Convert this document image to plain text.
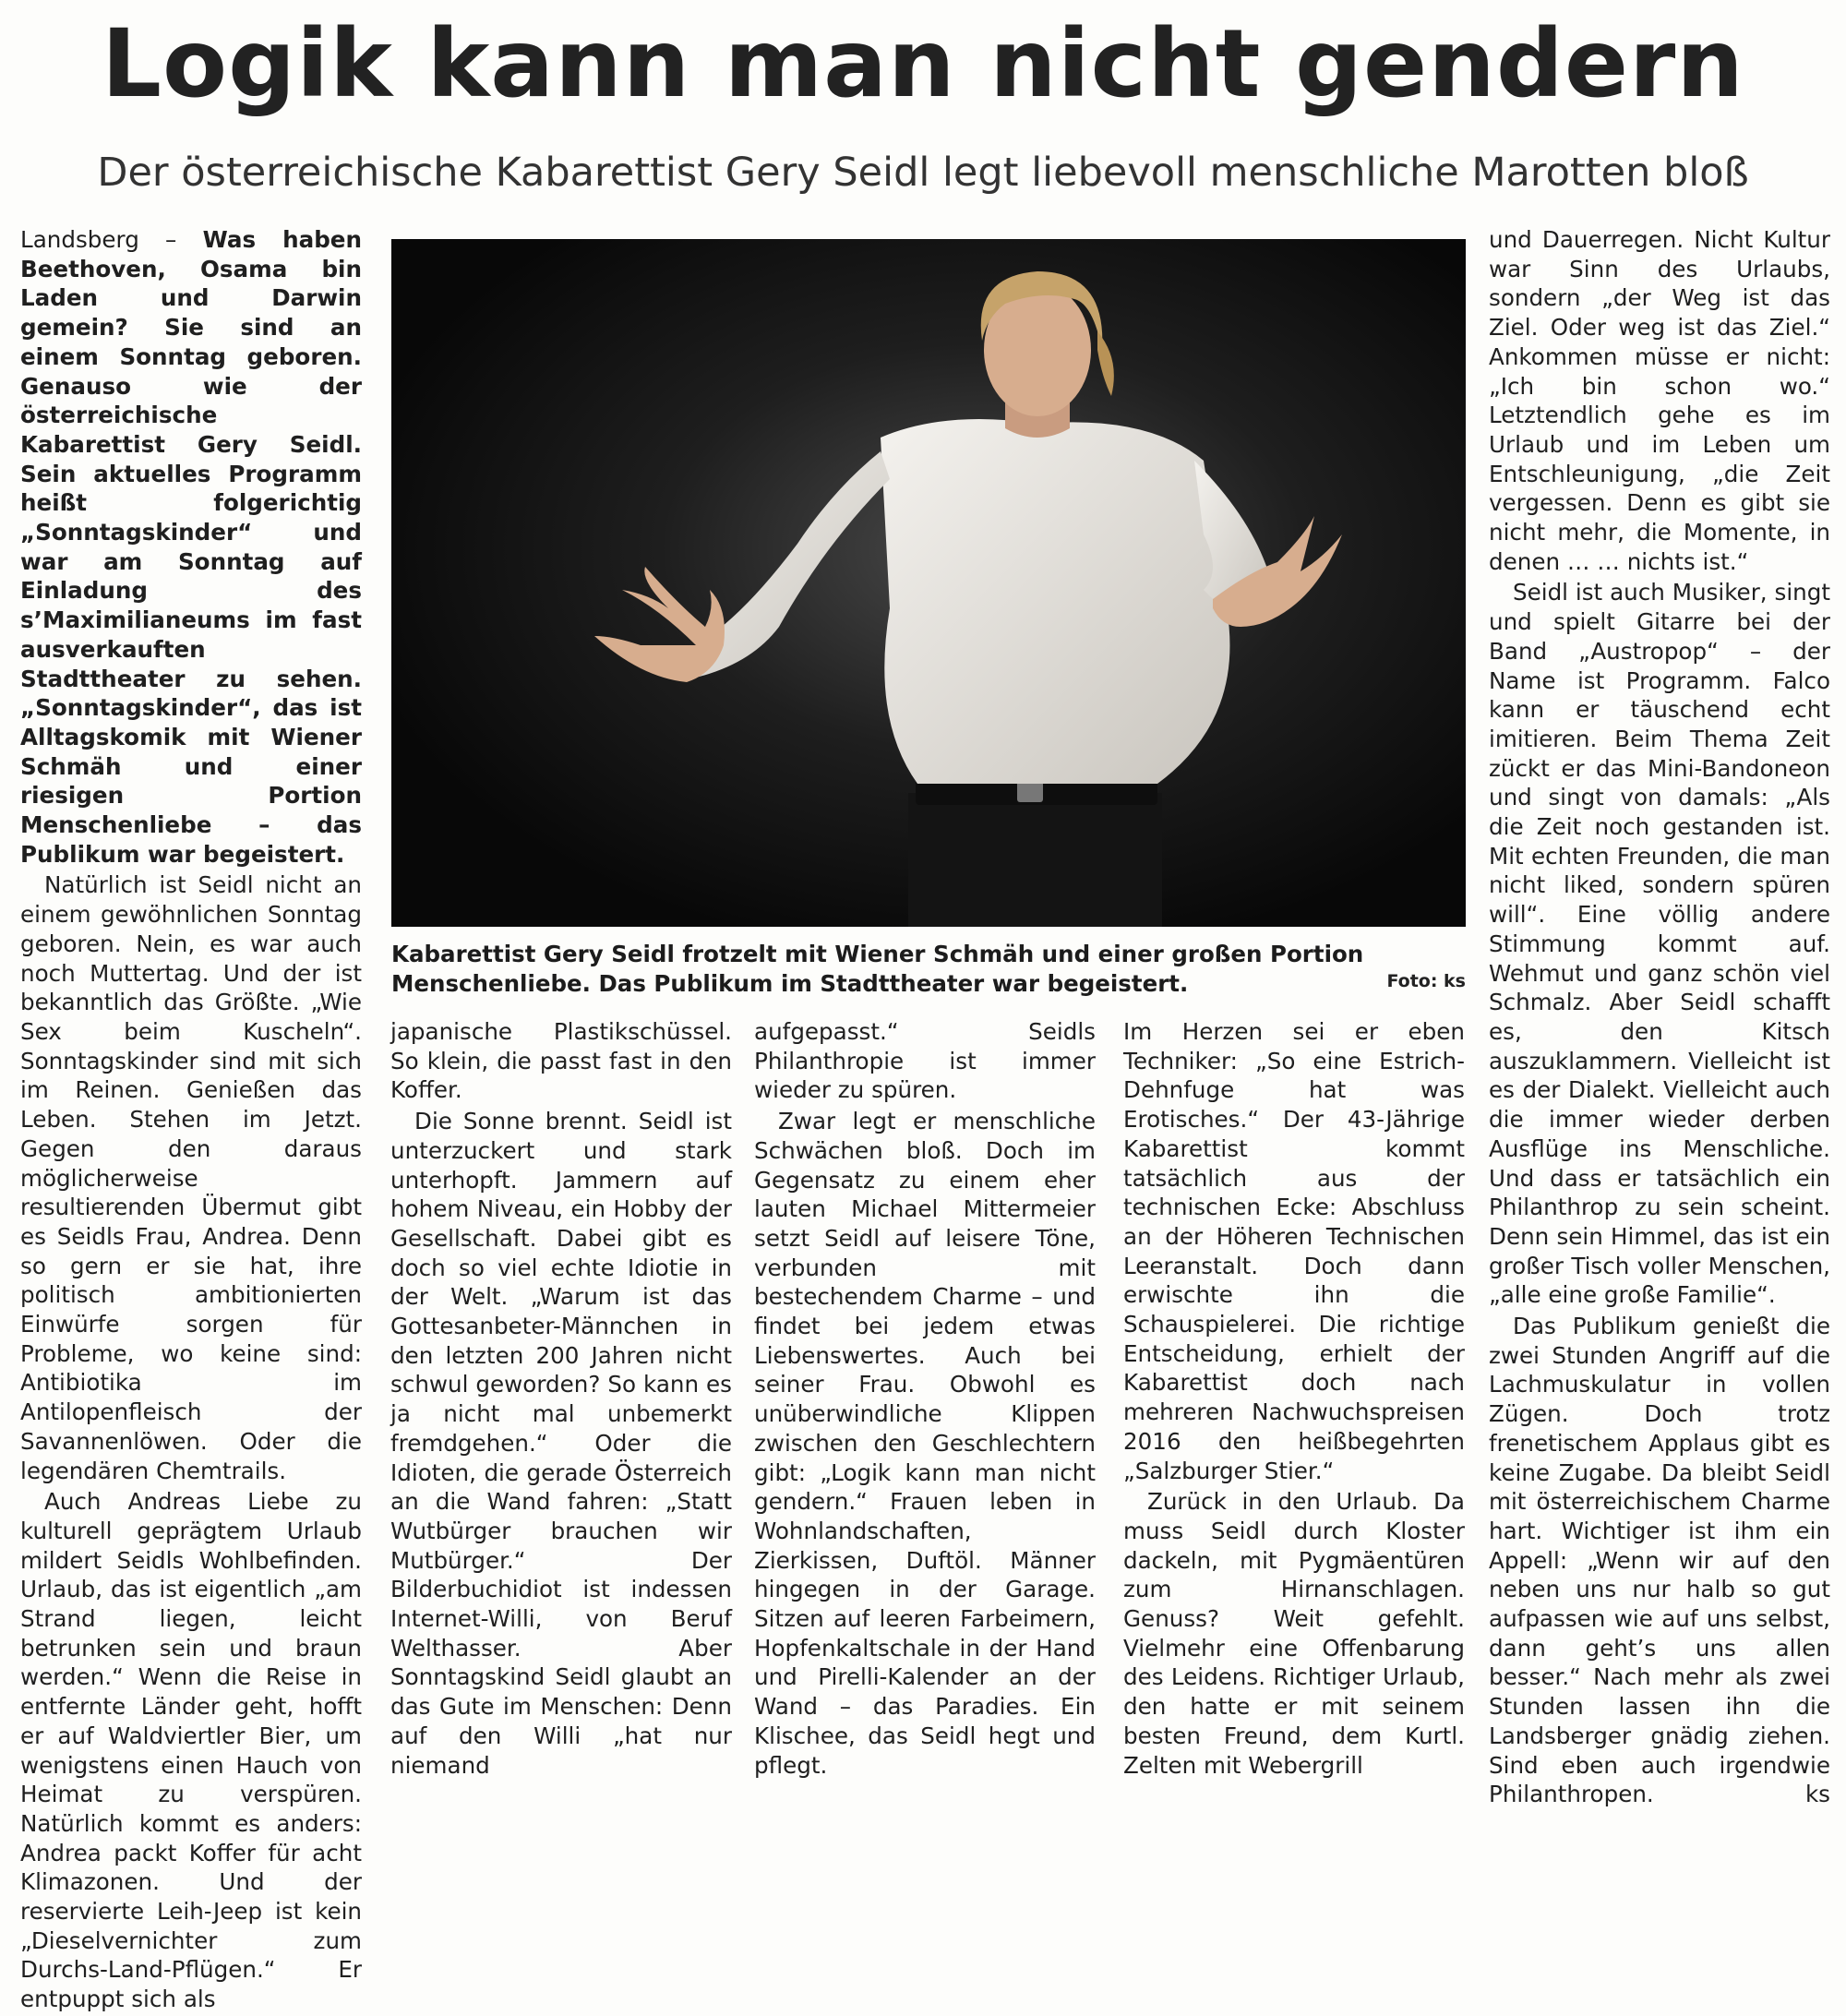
Logik kann man nicht gendern
Der österreichische Kabarettist Gery Seidl legt liebevoll menschliche Marotten bloß

Landsberg – Was haben Beethoven, Osama bin Laden und Darwin gemein? Sie sind an einem Sonntag geboren. Genauso wie der österreichische Kabarettist Gery Seidl. Sein aktuelles Programm heißt folgerichtig „Sonntagskinder“ und war am Sonntag auf Einladung des s’Maximilianeums im fast ausverkauften Stadttheater zu sehen. „Sonntagskinder“, das ist Alltagskomik mit Wiener Schmäh und einer riesigen Portion Menschenliebe – das Publikum war begeistert.

Natürlich ist Seidl nicht an einem gewöhnlichen Sonntag geboren. Nein, es war auch noch Muttertag. Und der ist bekanntlich das Größte. „Wie Sex beim Kuscheln“. Sonntagskinder sind mit sich im Reinen. Genießen das Leben. Stehen im Jetzt. Gegen den daraus möglicherweise resultierenden Übermut gibt es Seidls Frau, Andrea. Denn so gern er sie hat, ihre politisch ambitionierten Einwürfe sorgen für Probleme, wo keine sind: Antibiotika im Antilopenfleisch der Savannenlöwen. Oder die legendären Chemtrails.

Auch Andreas Liebe zu kulturell geprägtem Urlaub mildert Seidls Wohlbefinden. Urlaub, das ist eigentlich „am Strand liegen, leicht betrunken sein und braun werden.“ Wenn die Reise in entfernte Länder geht, hofft er auf Waldviertler Bier, um wenigstens einen Hauch von Heimat zu verspüren. Natürlich kommt es anders: Andrea packt Koffer für acht Klimazonen. Und der reservierte Leih-Jeep ist kein „Dieselvernichter zum Durchs-Land-Pflügen.“ Er entpuppt sich als

Kabarettist Gery Seidl frotzelt mit Wiener Schmäh und einer großen Portion Menschenliebe. Das Publikum im Stadttheater war begeistert.	Foto: ks

japanische Plastikschüssel. So klein, die passt fast in den Koffer.

Die Sonne brennt. Seidl ist unterzuckert und stark unterhopft. Jammern auf hohem Niveau, ein Hobby der Gesellschaft. Dabei gibt es doch so viel echte Idiotie in der Welt. „Warum ist das Gottesanbeter-Männchen in den letzten 200 Jahren nicht schwul geworden? So kann es ja nicht mal unbemerkt fremdgehen.“ Oder die Idioten, die gerade Österreich an die Wand fahren: „Statt Wutbürger brauchen wir Mutbürger.“ Der Bilderbuchidiot ist indessen Internet-Willi, von Beruf Welthasser. Aber Sonntagskind Seidl glaubt an das Gute im Menschen: Denn auf den Willi „hat nur niemand

aufgepasst.“ Seidls Philanthropie ist immer wieder zu spüren.

Zwar legt er menschliche Schwächen bloß. Doch im Gegensatz zu einem eher lauten Michael Mittermeier setzt Seidl auf leisere Töne, verbunden mit bestechendem Charme – und findet bei jedem etwas Liebenswertes. Auch bei seiner Frau. Obwohl es unüberwindliche Klippen zwischen den Geschlechtern gibt: „Logik kann man nicht gendern.“ Frauen leben in Wohnlandschaften, Zierkissen, Duftöl. Männer hingegen in der Garage. Sitzen auf leeren Farbeimern, Hopfenkaltschale in der Hand und Pirelli-Kalender an der Wand – das Paradies. Ein Klischee, das Seidl hegt und pflegt.

Im Herzen sei er eben Techniker: „So eine Estrich-Dehnfuge hat was Erotisches.“ Der 43-Jährige Kabarettist kommt tatsächlich aus der technischen Ecke: Abschluss an der Höheren Technischen Leeranstalt. Doch dann erwischte ihn die Schauspielerei. Die richtige Entscheidung, erhielt der Kabarettist doch nach mehreren Nachwuchspreisen 2016 den heißbegehrten „Salzburger Stier.“

Zurück in den Urlaub. Da muss Seidl durch Kloster dackeln, mit Pygmäentüren zum Hirnanschlagen. Genuss? Weit gefehlt. Vielmehr eine Offenbarung des Leidens. Richtiger Urlaub, den hatte er mit seinem besten Freund, dem Kurtl. Zelten mit Webergrill

und Dauerregen. Nicht Kultur war Sinn des Urlaubs, sondern „der Weg ist das Ziel. Oder weg ist das Ziel.“ Ankommen müsse er nicht: „Ich bin schon wo.“ Letztendlich gehe es im Urlaub und im Leben um Entschleunigung, „die Zeit vergessen. Denn es gibt sie nicht mehr, die Momente, in denen … … nichts ist.“

Seidl ist auch Musiker, singt und spielt Gitarre bei der Band „Austropop“ – der Name ist Programm. Falco kann er täuschend echt imitieren. Beim Thema Zeit zückt er das Mini-Bandoneon und singt von damals: „Als die Zeit noch gestanden ist. Mit echten Freunden, die man nicht liked, sondern spüren will“. Eine völlig andere Stimmung kommt auf. Wehmut und ganz schön viel Schmalz. Aber Seidl schafft es, den Kitsch auszuklammern. Vielleicht ist es der Dialekt. Vielleicht auch die immer wieder derben Ausflüge ins Menschliche. Und dass er tatsächlich ein Philanthrop zu sein scheint. Denn sein Himmel, das ist ein großer Tisch voller Menschen, „alle eine große Familie“.

Das Publikum genießt die zwei Stunden Angriff auf die Lachmuskulatur in vollen Zügen. Doch trotz frenetischem Applaus gibt es keine Zugabe. Da bleibt Seidl mit österreichischem Charme hart. Wichtiger ist ihm ein Appell: „Wenn wir auf den neben uns nur halb so gut aufpassen wie auf uns selbst, dann geht’s uns allen besser.“ Nach mehr als zwei Stunden lassen ihn die Landsberger gnädig ziehen. Sind eben auch irgendwie Philanthropen.	ks
